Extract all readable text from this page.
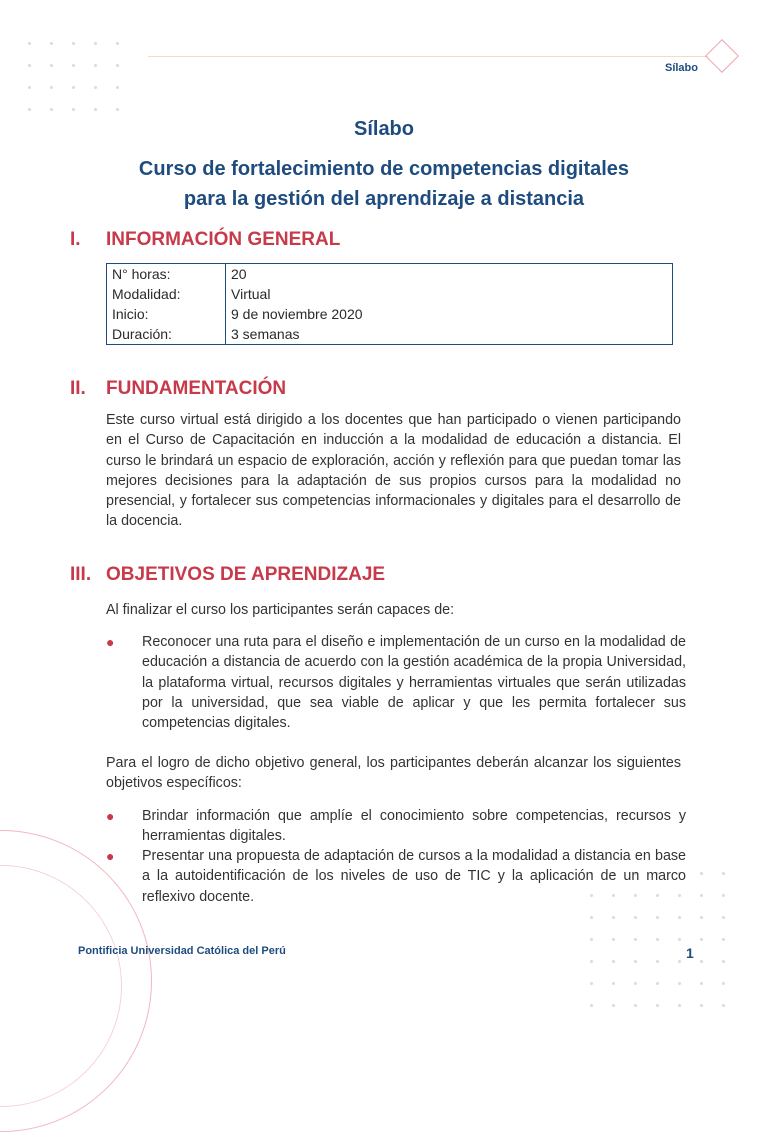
Sílabo
Sílabo
Curso de fortalecimiento de competencias digitales
para la gestión del aprendizaje a distancia
I.	INFORMACIÓN GENERAL
N° horas:	20
Modalidad:	Virtual
Inicio:	9 de noviembre 2020
Duración:	3 semanas
II.	FUNDAMENTACIÓN
Este curso virtual está dirigido a los docentes que han participado o vienen participando en el Curso de Capacitación en inducción a la modalidad de educación a distancia. El curso le brindará un espacio de exploración, acción y reflexión para que puedan tomar las mejores decisiones para la adaptación de sus propios cursos para la modalidad no presencial, y fortalecer sus competencias informacionales y digitales para el desarrollo de la docencia.
III. OBJETIVOS DE APRENDIZAJE
Al finalizar el curso los participantes serán capaces de:
● Reconocer una ruta para el diseño e implementación de un curso en la modalidad de educación a distancia de acuerdo con la gestión académica de la propia Universidad, la plataforma virtual, recursos digitales y herramientas virtuales que serán utilizadas por la universidad, que sea viable de aplicar y que les permita fortalecer sus competencias digitales.
Para el logro de dicho objetivo general, los participantes deberán alcanzar los siguientes objetivos específicos:
● Brindar información que amplíe el conocimiento sobre competencias, recursos y herramientas digitales.
● Presentar una propuesta de adaptación de cursos a la modalidad a distancia en base a la autoidentificación de los niveles de uso de TIC y la aplicación de un marco reflexivo docente.
Pontificia Universidad Católica del Perú	1
